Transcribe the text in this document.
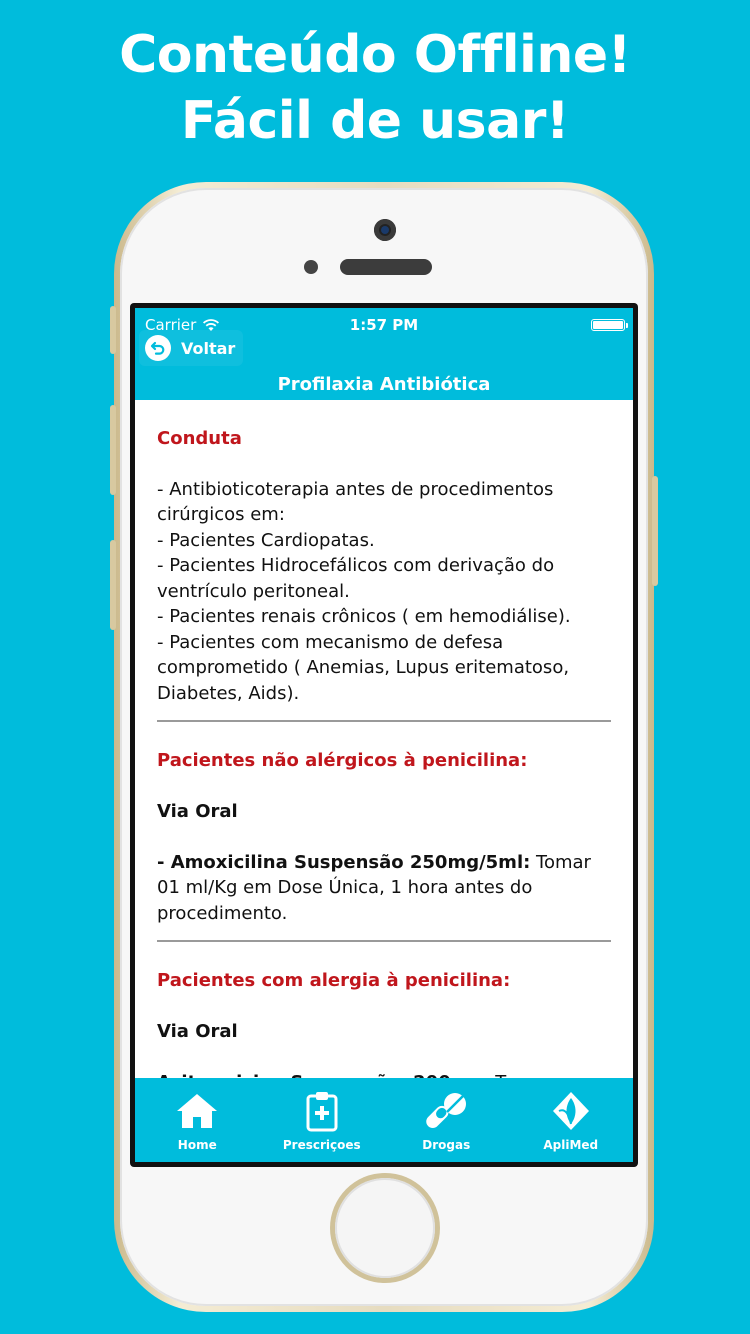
Conteúdo Offline!
Fácil de usar!
Carrier	1:57 PM
Voltar
Profilaxia Antibiótica
Conduta
- Antibioticoterapia antes de procedimentos
cirúrgicos em:
- Pacientes Cardiopatas.
- Pacientes Hidrocefálicos com derivação do
ventrículo peritoneal.
- Pacientes renais crônicos ( em hemodiálise).
- Pacientes com mecanismo de defesa
comprometido ( Anemias, Lupus eritematoso,
Diabetes, Aids).
Pacientes não alérgicos à penicilina:
Via Oral
- Amoxicilina Suspensão 250mg/5ml: Tomar
01 ml/Kg em Dose Única, 1 hora antes do
procedimento.
Pacientes com alergia à penicilina:
Via Oral
Home	Prescriçoes	Drogas	ApliMed
